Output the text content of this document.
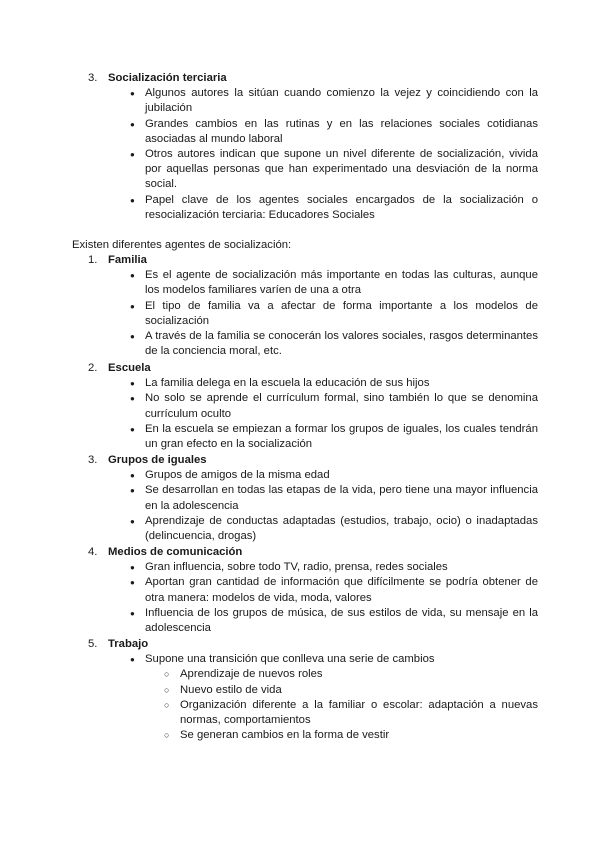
3. Socialización terciaria
● Algunos autores la sitúan cuando comienzo la vejez y coincidiendo con la jubilación
● Grandes cambios en las rutinas y en las relaciones sociales cotidianas asociadas al mundo laboral
● Otros autores indican que supone un nivel diferente de socialización, vivida por aquellas personas que han experimentado una desviación de la norma social.
● Papel clave de los agentes sociales encargados de la socialización o resocialización terciaria: Educadores Sociales
Existen diferentes agentes de socialización:
1. Familia
● Es el agente de socialización más importante en todas las culturas, aunque los modelos familiares varíen de una a otra
● El tipo de familia va a afectar de forma importante a los modelos de socialización
● A través de la familia se conocerán los valores sociales, rasgos determinantes de la conciencia moral, etc.
2. Escuela
● La familia delega en la escuela la educación de sus hijos
● No solo se aprende el currículum formal, sino también lo que se denomina currículum oculto
● En la escuela se empiezan a formar los grupos de iguales, los cuales tendrán un gran efecto en la socialización
3. Grupos de iguales
● Grupos de amigos de la misma edad
● Se desarrollan en todas las etapas de la vida, pero tiene una mayor influencia en la adolescencia
● Aprendizaje de conductas adaptadas (estudios, trabajo, ocio) o inadaptadas (delincuencia, drogas)
4. Medios de comunicación
● Gran influencia, sobre todo TV, radio, prensa, redes sociales
● Aportan gran cantidad de información que difícilmente se podría obtener de otra manera: modelos de vida, moda, valores
● Influencia de los grupos de música, de sus estilos de vida, su mensaje en la adolescencia
5. Trabajo
● Supone una transición que conlleva una serie de cambios
○ Aprendizaje de nuevos roles
○ Nuevo estilo de vida
○ Organización diferente a la familiar o escolar: adaptación a nuevas normas, comportamientos
○ Se generan cambios en la forma de vestir
